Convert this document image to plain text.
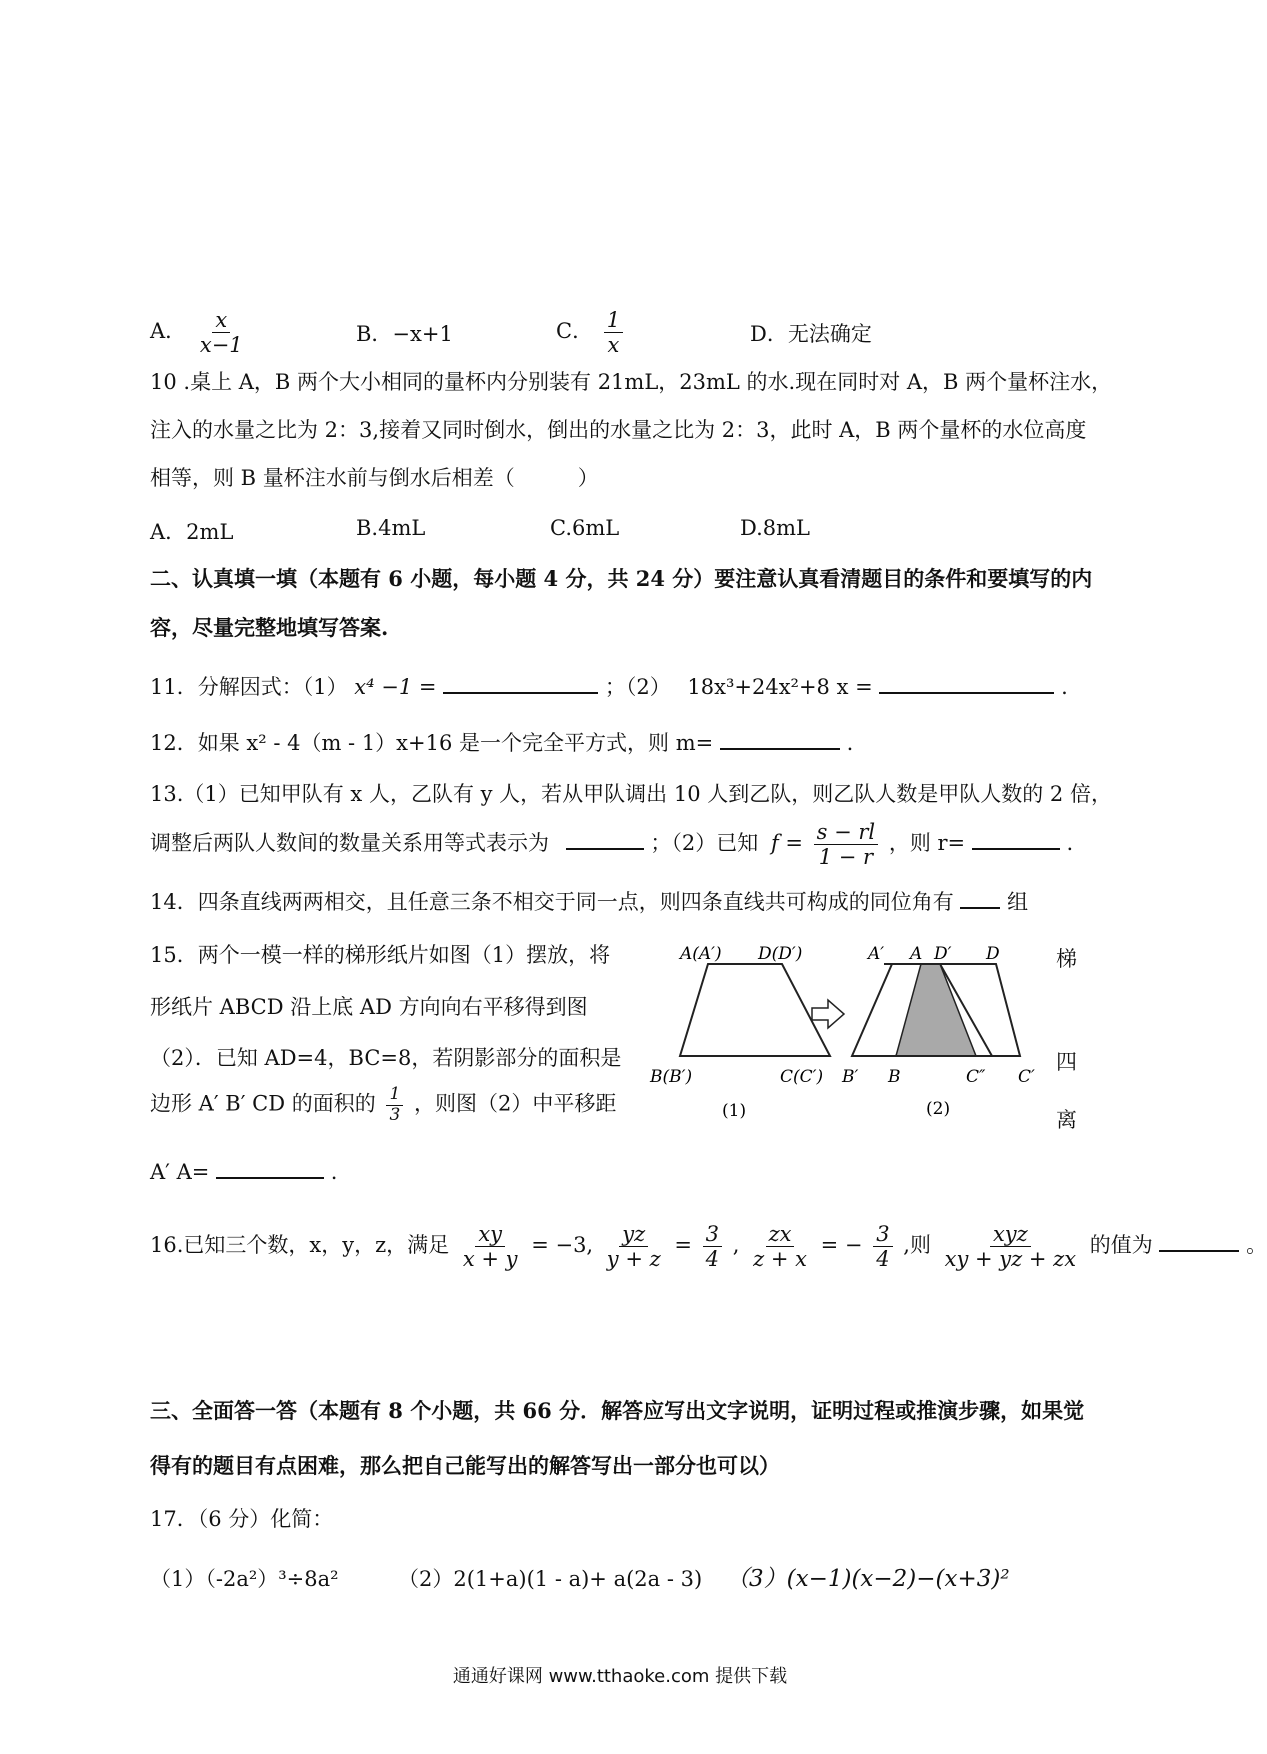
A． $\frac{x}{x-1}$	B．−x+1	C． $\frac{1}{x}$	D．无法确定
10 .桌上 A，B 两个大小相同的量杯内分别装有 21mL，23mL 的水.现在同时对 A，B 两个量杯注水，
注入的水量之比为 2：3,接着又同时倒水，倒出的水量之比为 2：3，此时 A，B 两个量杯的水位高度
相等，则 B 量杯注水前与倒水后相差（　　　）
A．2mL	B.4mL	C.6mL	D.8mL
二、认真填一填（本题有 6 小题，每小题 4 分，共 24 分）要注意认真看清题目的条件和要填写的内
容，尽量完整地填写答案.
11．分解因式：（1） x⁴ −1 =	；（2） 18x³+24x²+8 x =	.
12．如果 x² - 4（m - 1）x+16 是一个完全平方式，则 m=	.
13.（1）已知甲队有 x 人，乙队有 y 人，若从甲队调出 10 人到乙队，则乙队人数是甲队人数的 2 倍，
调整后两队人数间的数量关系用等式表示为	；（2）已知 $f = \frac{s - rl}{1 - r}$ ，则 r=	.
14．四条直线两两相交，且任意三条不相交于同一点，则四条直线共可构成的同位角有	组
15．两个一模一样的梯形纸片如图（1）摆放，将	梯
形纸片 ABCD 沿上底 AD 方向向右平移得到图
（2）．已知 AD=4，BC=8，若阴影部分的面积是	四
边形 A′ B′ CD 的面积的 $\frac{1}{3}$ ，则图（2）中平移距
离
A′ A=	.
A(A′) D(D′)
B(B′)	C(C′)
(1)
A′ A D′ D
B′ B	C″ C′
(2)
16.已知三个数，x，y，z，满足 $\frac{xy}{x + y} = -3$, $\frac{yz}{y + z} = \frac{3}{4}$ , $\frac{zx}{z + x}$ = − $\frac{3}{4}$ ,则 $\frac{\text{xyz}}{xy + yz + zx}$ 的值为	。
三、全面答一答（本题有 8 个小题，共 66 分．解答应写出文字说明，证明过程或推演步骤，如果觉
得有的题目有点困难，那么把自己能写出的解答写出一部分也可以）
17．（6 分）化简：
（1）（-2a²）³÷8a²	（2）2(1+a)(1 - a)+ a(2a - 3) （3）(x−1)(x−2)−(x+3)²
通通好课网 www.tthaoke.com 提供下载
